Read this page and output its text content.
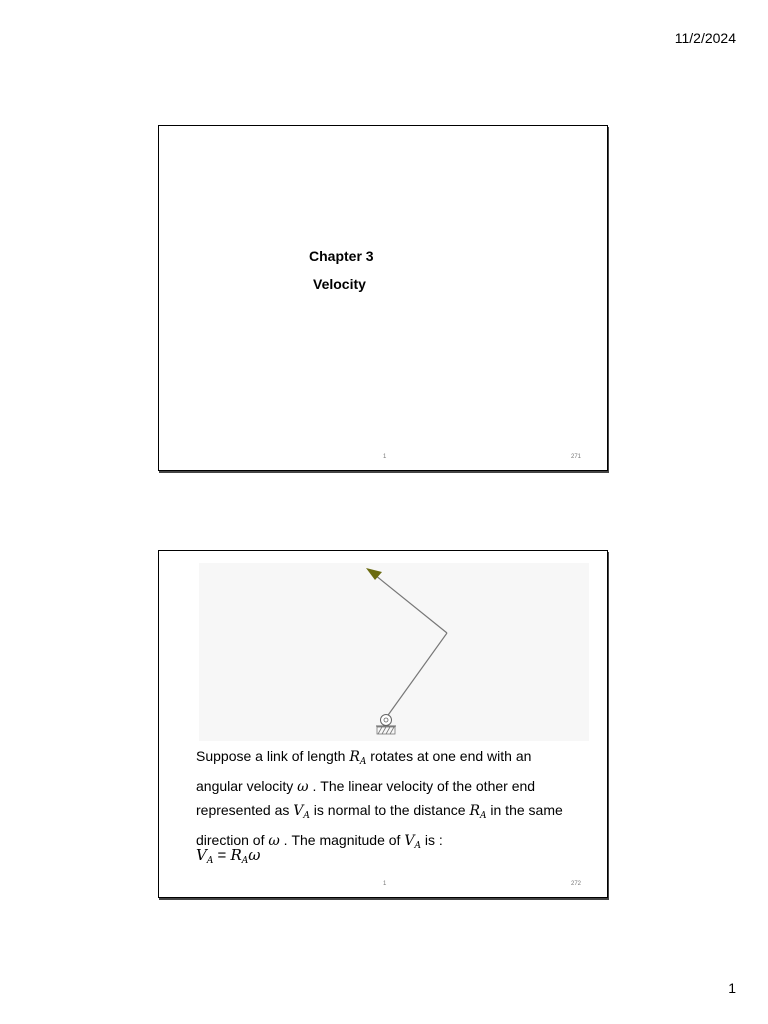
11/2/2024
Chapter 3
Velocity
1	271
Suppose a link of length $R_A$ rotates at one end with an
angular velocity ω . The linear velocity of the other end
represented as $V_A$ is normal to the distance $R_A$ in the same
direction of ω . The magnitude of $V_A$ is :
$V_A = R_A\omega$
1	272
1
